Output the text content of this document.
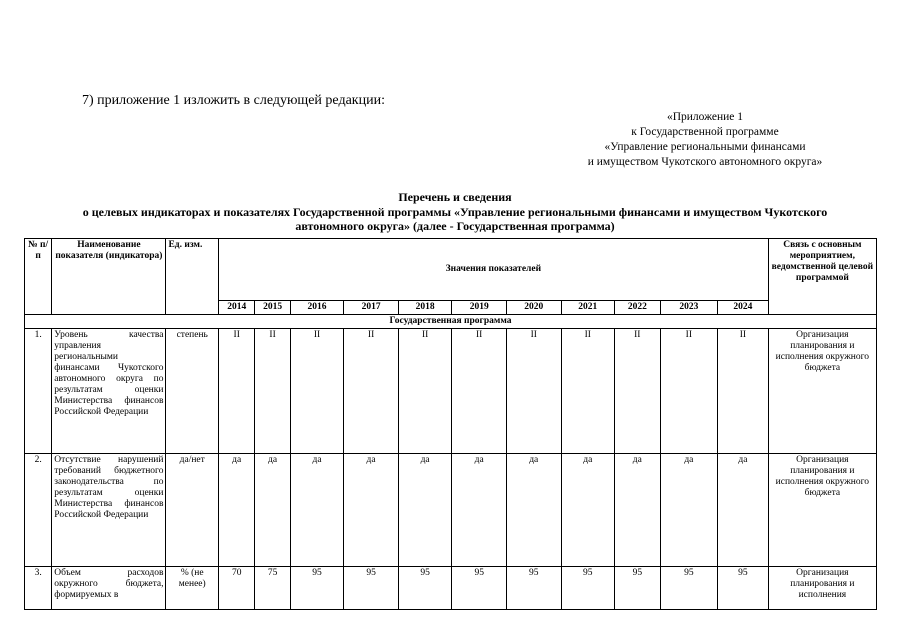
7) приложение 1 изложить в следующей редакции:
«Приложение 1
к Государственной программе
«Управление региональными финансами
и имуществом Чукотского автономного округа»
Перечень и сведения
о целевых индикаторах и показателях Государственной программы «Управление региональными финансами и имуществом Чукотского
автономного округа» (далее - Государственная программа)
№ п/п	Наименование показателя (индикатора)	Ед. изм.	Значения показателей											Связь с основным мероприятием, ведомственной целевой программой
			2014	2015	2016	2017	2018	2019	2020	2021	2022	2023	2024	
Государственная программа														
1.	Уровень качества управления региональными финансами Чукотского автономного округа по результатам оценки Министерства финансов Российской Федерации	степень	II	II	II	II	II	II	II	II	II	II	II	Организация планирования и исполнения окружного бюджета
2.	Отсутствие нарушений требований бюджетного законодательства по результатам оценки Министерства финансов Российской Федерации	да/нет	да	да	да	да	да	да	да	да	да	да	да	Организация планирования и исполнения окружного бюджета
3.	Объем расходов окружного бюджета, формируемых в	% (не менее)	70	75	95	95	95	95	95	95	95	95	95	Организация планирования и исполнения
